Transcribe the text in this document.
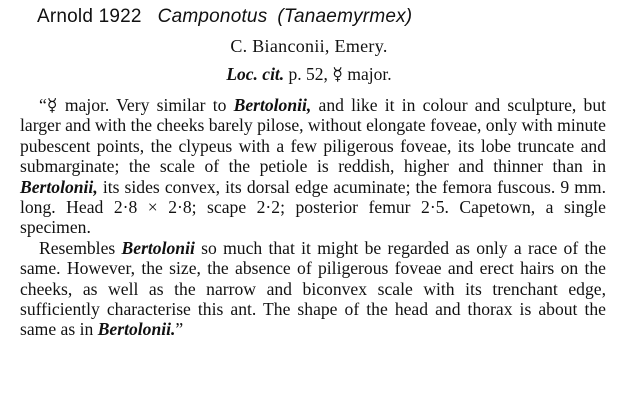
Arnold 1922 Camponotus (Tanaemyrmex)
C. Bianconii, Emery.
Loc. cit. p. 52, ☿ major.

“☿ major. Very similar to Bertolonii, and like it in colour and sculpture, but larger and with the cheeks barely pilose, without elongate foveae, only with minute pubescent points, the clypeus with a few piligerous foveae, its lobe truncate and submarginate; the scale of the petiole is reddish, higher and thinner than in Bertolonii, its sides convex, its dorsal edge acuminate; the femora fuscous. 9 mm. long. Head 2·8 × 2·8; scape 2·2; posterior femur 2·5. Capetown, a single specimen.

Resembles Bertolonii so much that it might be regarded as only a race of the same. However, the size, the absence of piligerous foveae and erect hairs on the cheeks, as well as the narrow and biconvex scale with its trenchant edge, sufficiently characterise this ant. The shape of the head and thorax is about the same as in Bertolonii.”
